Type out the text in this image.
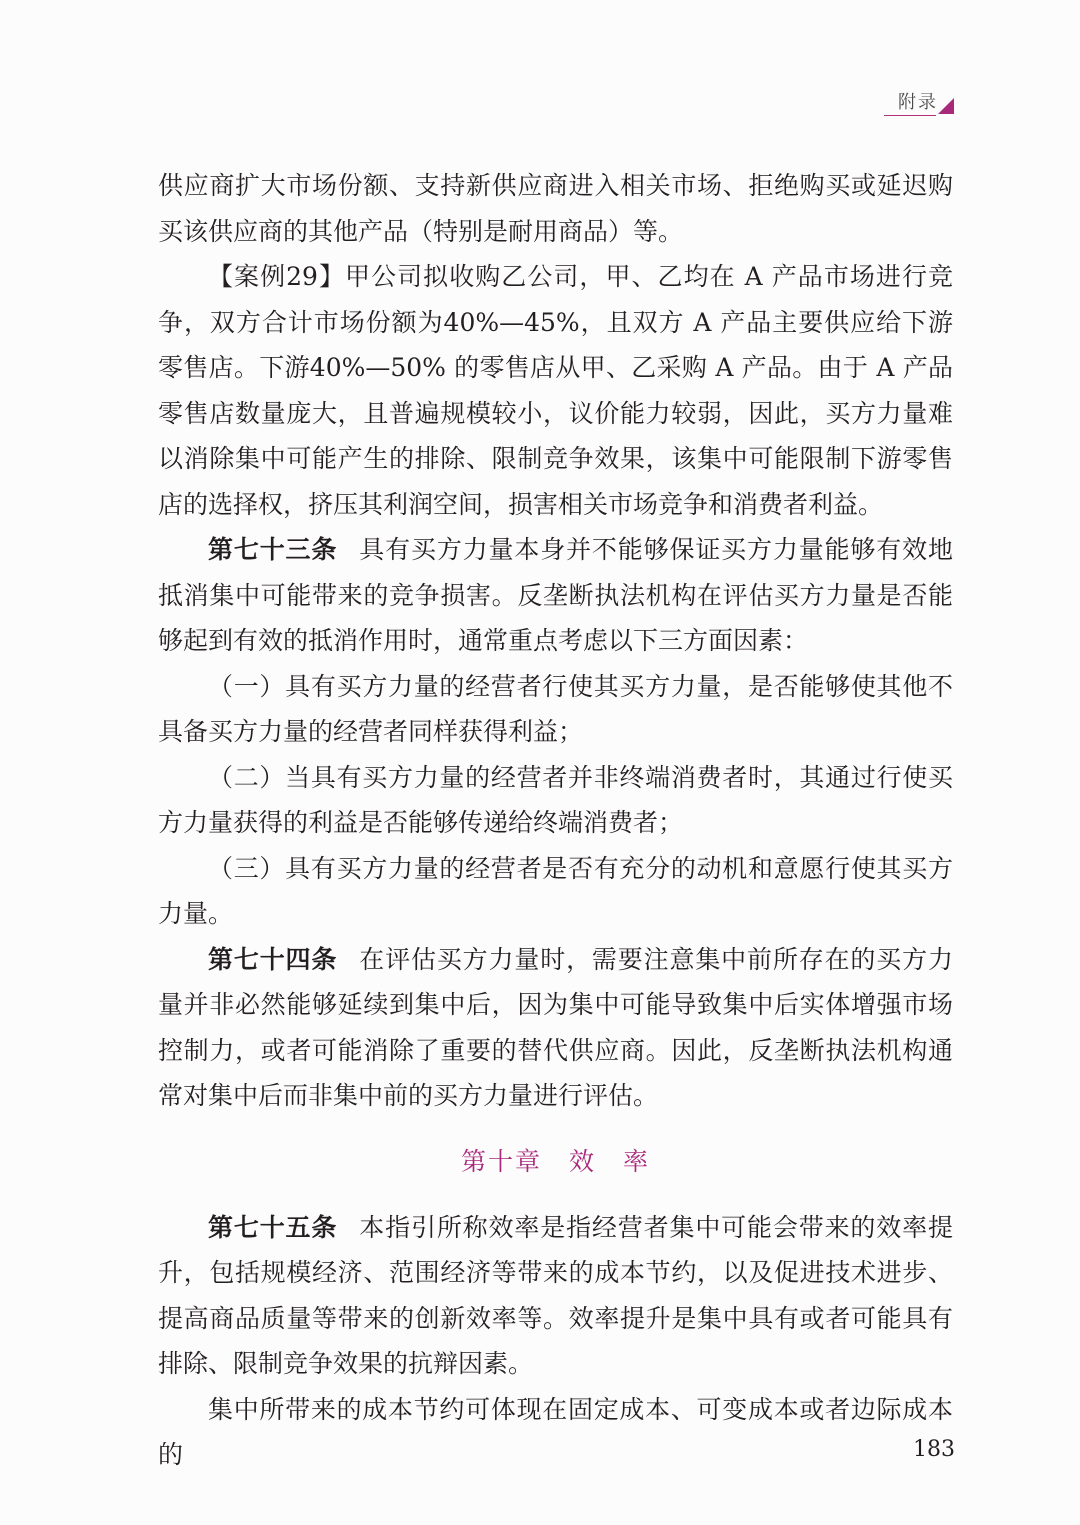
附录

供应商扩大市场份额、支持新供应商进入相关市场、拒绝购买或延迟购买该供应商的其他产品（特别是耐用商品）等。

【案例29】甲公司拟收购乙公司，甲、乙均在 A 产品市场进行竞争，双方合计市场份额为40%—45%，且双方 A 产品主要供应给下游零售店。下游40%—50% 的零售店从甲、乙采购 A 产品。由于 A 产品零售店数量庞大，且普遍规模较小，议价能力较弱，因此，买方力量难以消除集中可能产生的排除、限制竞争效果，该集中可能限制下游零售店的选择权，挤压其利润空间，损害相关市场竞争和消费者利益。

第七十三条 具有买方力量本身并不能够保证买方力量能够有效地抵消集中可能带来的竞争损害。反垄断执法机构在评估买方力量是否能够起到有效的抵消作用时，通常重点考虑以下三方面因素：

（一）具有买方力量的经营者行使其买方力量，是否能够使其他不具备买方力量的经营者同样获得利益；

（二）当具有买方力量的经营者并非终端消费者时，其通过行使买方力量获得的利益是否能够传递给终端消费者；

（三）具有买方力量的经营者是否有充分的动机和意愿行使其买方力量。

第七十四条 在评估买方力量时，需要注意集中前所存在的买方力量并非必然能够延续到集中后，因为集中可能导致集中后实体增强市场控制力，或者可能消除了重要的替代供应商。因此，反垄断执法机构通常对集中后而非集中前的买方力量进行评估。

第十章　效　率

第七十五条 本指引所称效率是指经营者集中可能会带来的效率提升，包括规模经济、范围经济等带来的成本节约，以及促进技术进步、提高商品质量等带来的创新效率等。效率提升是集中具有或者可能具有排除、限制竞争效果的抗辩因素。

集中所带来的成本节约可体现在固定成本、可变成本或者边际成本的	183
